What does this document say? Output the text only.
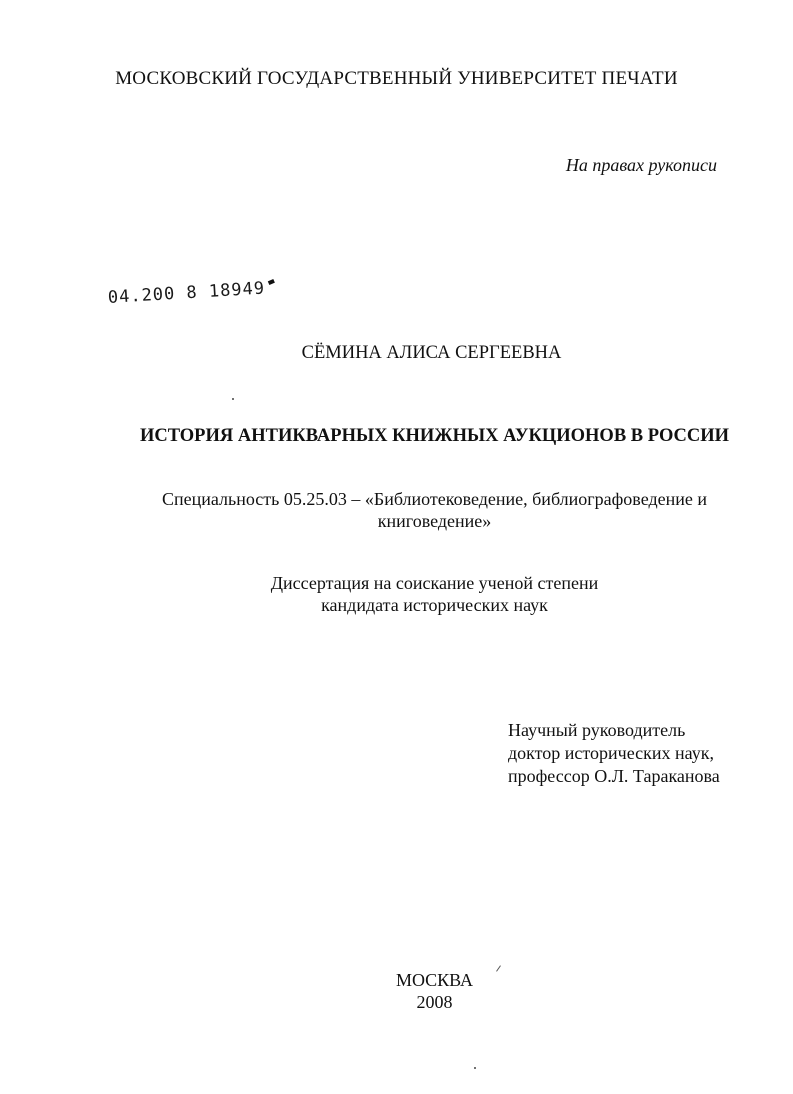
МОСКОВСКИЙ ГОСУДАРСТВЕННЫЙ УНИВЕРСИТЕТ ПЕЧАТИ
На правах рукописи
04.200 8 18949
СЁМИНА АЛИСА СЕРГЕЕВНА
ИСТОРИЯ АНТИКВАРНЫХ КНИЖНЫХ АУКЦИОНОВ В РОССИИ
Специальность 05.25.03 – «Библиотековедение, библиографоведение и
книговедение»
Диссертация на соискание ученой степени
кандидата исторических наук
Научный руководитель
доктор исторических наук,
профессор О.Л. Тараканова
МОСКВА
2008
